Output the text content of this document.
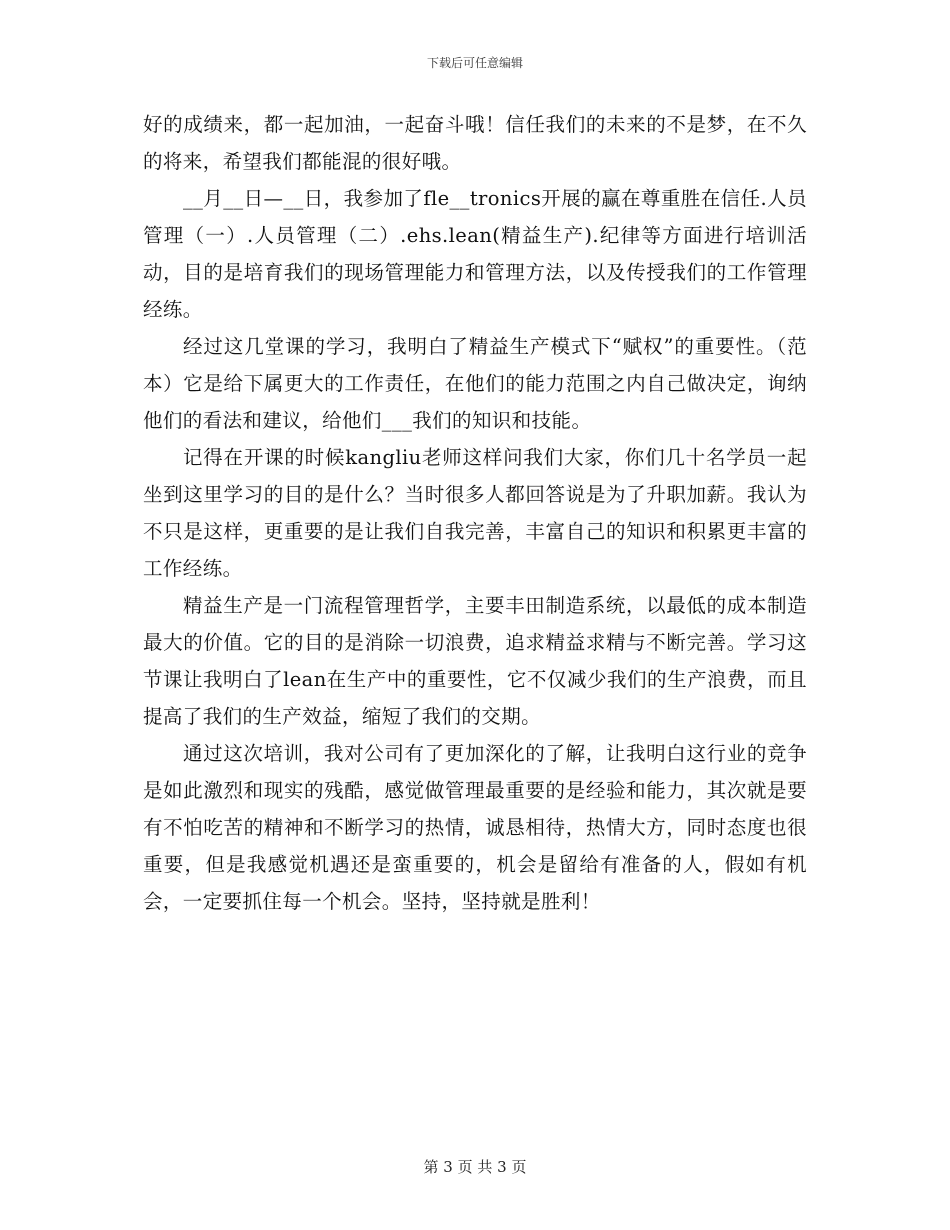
下载后可任意编辑

好的成绩来，都一起加油，一起奋斗哦！信任我们的未来的不是梦，在不久的将来，希望我们都能混的很好哦。

__月__日—__日，我参加了fle__tronics开展的赢在尊重胜在信任.人员管理（一）.人员管理（二）.ehs.lean(精益生产).纪律等方面进行培训活动，目的是培育我们的现场管理能力和管理方法，以及传授我们的工作管理经练。

经过这几堂课的学习，我明白了精益生产模式下“赋权”的重要性。（范本）它是给下属更大的工作责任，在他们的能力范围之内自己做决定，询纳他们的看法和建议，给他们___我们的知识和技能。

记得在开课的时候kangliu老师这样问我们大家，你们几十名学员一起坐到这里学习的目的是什么？当时很多人都回答说是为了升职加薪。我认为不只是这样，更重要的是让我们自我完善，丰富自己的知识和积累更丰富的工作经练。

精益生产是一门流程管理哲学，主要丰田制造系统，以最低的成本制造最大的价值。它的目的是消除一切浪费，追求精益求精与不断完善。学习这节课让我明白了lean在生产中的重要性，它不仅减少我们的生产浪费，而且提高了我们的生产效益，缩短了我们的交期。

通过这次培训，我对公司有了更加深化的了解，让我明白这行业的竞争是如此激烈和现实的残酷，感觉做管理最重要的是经验和能力，其次就是要有不怕吃苦的精神和不断学习的热情，诚恳相待，热情大方，同时态度也很重要，但是我感觉机遇还是蛮重要的，机会是留给有准备的人，假如有机会，一定要抓住每一个机会。坚持，坚持就是胜利！

第 3 页 共 3 页
